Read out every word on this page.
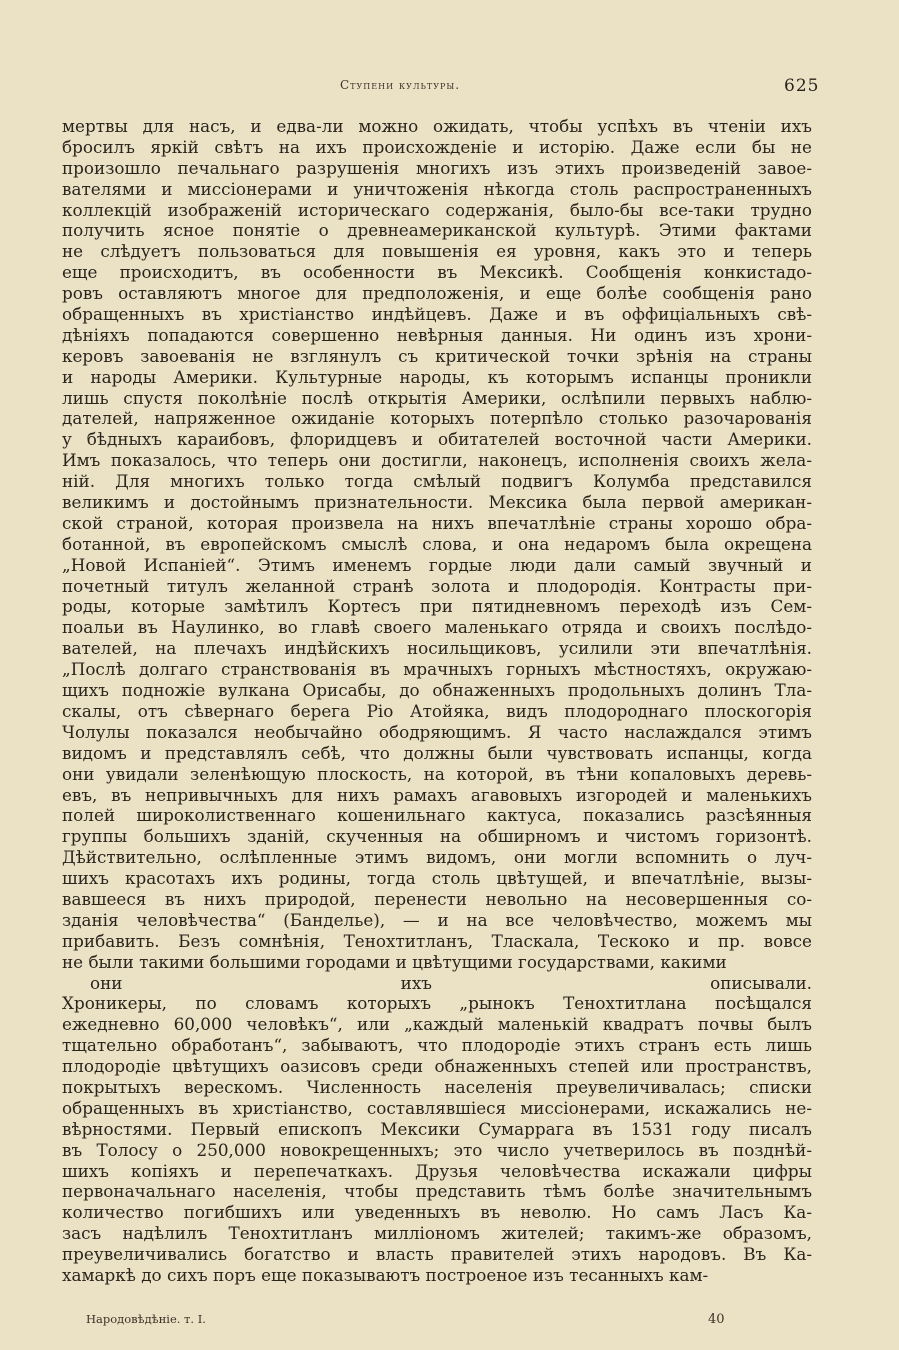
Ступени культуры.	625
мертвы для насъ, и едва-ли можно ожидать, чтобы успѣхъ въ чтеніи ихъ
бросилъ яркій свѣтъ на ихъ происхожденіе и исторію. Даже если бы не
произошло печальнаго разрушенія многихъ изъ этихъ произведеній завое-
вателями и миссіонерами и уничтоженія нѣкогда столь распространенныхъ
коллекцій изображеній историческаго содержанія, было-бы все-таки трудно
получить ясное понятіе о древнеамериканской культурѣ. Этими фактами
не слѣдуетъ пользоваться для повышенія ея уровня, какъ это и теперь
еще происходитъ, въ особенности въ Мексикѣ. Сообщенія конкистадо-
ровъ оставляютъ многое для предположенія, и еще болѣе сообщенія рано
обращенныхъ въ христіанство индѣйцевъ. Даже и въ оффиціальныхъ свѣ-
дѣніяхъ попадаются совершенно невѣрныя данныя. Ни одинъ изъ хрони-
керовъ завоеванія не взглянулъ съ критической точки зрѣнія на страны
и народы Америки. Культурные народы, къ которымъ испанцы проникли
лишь спустя поколѣніе послѣ открытія Америки, ослѣпили первыхъ наблю-
дателей, напряженное ожиданіе которыхъ потерпѣло столько разочарованія
у бѣдныхъ караибовъ, флоридцевъ и обитателей восточной части Америки.
Имъ показалось, что теперь они достигли, наконецъ, исполненія своихъ жела-
ній. Для многихъ только тогда смѣлый подвигъ Колумба представился
великимъ и достойнымъ признательности. Мексика была первой американ-
ской страной, которая произвела на нихъ впечатлѣніе страны хорошо обра-
ботанной, въ европейскомъ смыслѣ слова, и она недаромъ была окрещена
„Новой Испаніей“. Этимъ именемъ гордые люди дали самый звучный и
почетный титулъ желанной странѣ золота и плодородія. Контрасты при-
роды, которые замѣтилъ Кортесъ при пятидневномъ переходѣ изъ Сем-
поальи въ Наулинко, во главѣ своего маленькаго отряда и своихъ послѣдо-
вателей, на плечахъ индѣйскихъ носильщиковъ, усилили эти впечатлѣнія.
„Послѣ долгаго странствованія въ мрачныхъ горныхъ мѣстностяхъ, окружаю-
щихъ подножіе вулкана Орисабы, до обнаженныхъ продольныхъ долинъ Тла-
скалы, отъ сѣвернаго берега Ріо Атойяка, видъ плодороднаго плоскогорія
Чолулы показался необычайно ободряющимъ. Я часто наслаждался этимъ
видомъ и представлялъ себѣ, что должны были чувствовать испанцы, когда
они увидали зеленѣющую плоскость, на которой, въ тѣни копаловыхъ деревь-
евъ, въ непривычныхъ для нихъ рамахъ агавовыхъ изгородей и маленькихъ
полей широколиственнаго кошенильнаго кактуса, показались разсѣянныя
группы большихъ зданій, скученныя на обширномъ и чистомъ горизонтѣ.
Дѣйствительно, ослѣпленные этимъ видомъ, они могли вспомнить о луч-
шихъ красотахъ ихъ родины, тогда столь цвѣтущей, и впечатлѣніе, вызы-
вавшееся въ нихъ природой, перенести невольно на несовершенныя со-
зданія человѣчества“ (Банделье), — и на все человѣчество, можемъ мы
прибавить. Безъ сомнѣнія, Тенохтитланъ, Тласкала, Тескоко и пр. вовсе
не были такими большими городами и цвѣтущими государствами, какими
они ихъ описывали.
Хроникеры, по словамъ которыхъ „рынокъ Тенохтитлана посѣщался
ежедневно 60,000 человѣкъ“, или „каждый маленькій квадратъ почвы былъ
тщательно обработанъ“, забываютъ, что плодородіе этихъ странъ есть лишь
плодородіе цвѣтущихъ оазисовъ среди обнаженныхъ степей или пространствъ,
покрытыхъ верескомъ. Численность населенія преувеличивалась; списки
обращенныхъ въ христіанство, составлявшіеся миссіонерами, искажались не-
вѣрностями. Первый епископъ Мексики Сумаррага въ 1531 году писалъ
въ Толосу о 250,000 новокрещенныхъ; это число учетверилось въ позднѣй-
шихъ копіяхъ и перепечаткахъ. Друзья человѣчества искажали цифры
первоначальнаго населенія, чтобы представить тѣмъ болѣе значительнымъ
количество погибшихъ или уведенныхъ въ неволю. Но самъ Ласъ Ка-
засъ надѣлилъ Тенохтитланъ милліономъ жителей; такимъ-же образомъ,
преувеличивались богатство и власть правителей этихъ народовъ. Въ Ка-
хамаркѣ до сихъ поръ еще показываютъ построеное изъ тесанныхъ кам-
Народовѣдѣніе. т. I.	40
